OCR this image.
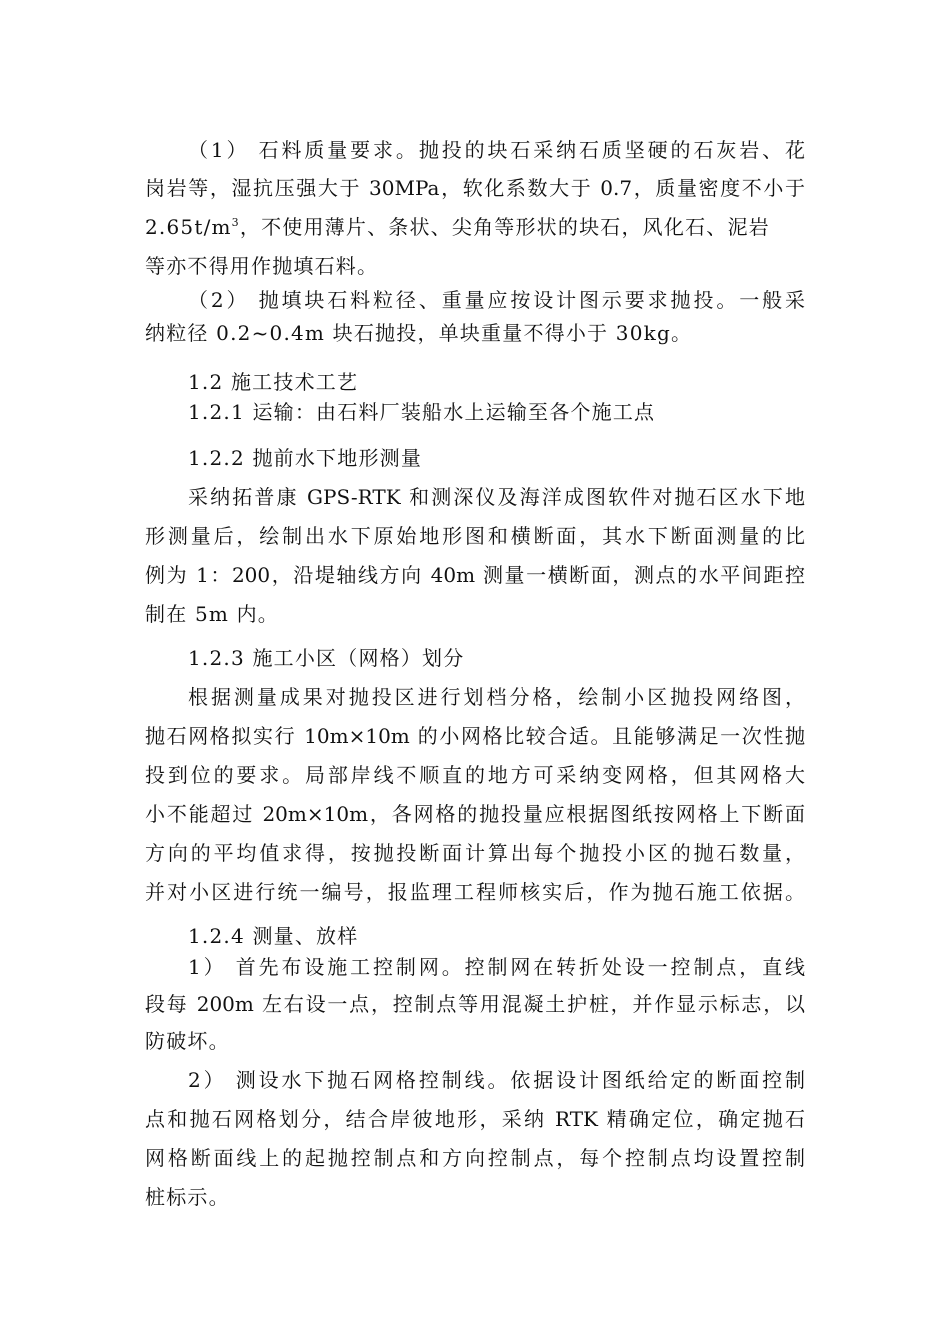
（1） 石料质量要求。抛投的块石采纳石质坚硬的石灰岩、花

岗岩等，湿抗压强大于 30MPa，软化系数大于 0.7，质量密度不小于

$2.65t/m^3$，不使用薄片、条状、尖角等形状的块石，风化石、泥岩

等亦不得用作抛填石料。

（2） 抛填块石料粒径、重量应按设计图示要求抛投。一般采

纳粒径 0.2~0.4m 块石抛投，单块重量不得小于 30kg。

1.2 施工技术工艺

1.2.1 运输：由石料厂装船水上运输至各个施工点

1.2.2 抛前水下地形测量

采纳拓普康 GPS-RTK 和测深仪及海洋成图软件对抛石区水下地

形测量后，绘制出水下原始地形图和横断面，其水下断面测量的比

例为 1：200，沿堤轴线方向 40m 测量一横断面，测点的水平间距控

制在 5m 内。

1.2.3 施工小区（网格）划分

根据测量成果对抛投区进行划档分格，绘制小区抛投网络图，

抛石网格拟实行 10m×10m 的小网格比较合适。且能够满足一次性抛

投到位的要求。局部岸线不顺直的地方可采纳变网格，但其网格大

小不能超过 20m×10m，各网格的抛投量应根据图纸按网格上下断面

方向的平均值求得，按抛投断面计算出每个抛投小区的抛石数量，

并对小区进行统一编号，报监理工程师核实后，作为抛石施工依据。

1.2.4 测量、放样

1） 首先布设施工控制网。控制网在转折处设一控制点，直线

段每 200m 左右设一点，控制点等用混凝土护桩，并作显示标志，以

防破坏。

2） 测设水下抛石网格控制线。依据设计图纸给定的断面控制

点和抛石网格划分，结合岸彼地形，采纳 RTK 精确定位，确定抛石

网格断面线上的起抛控制点和方向控制点，每个控制点均设置控制

桩标示。
